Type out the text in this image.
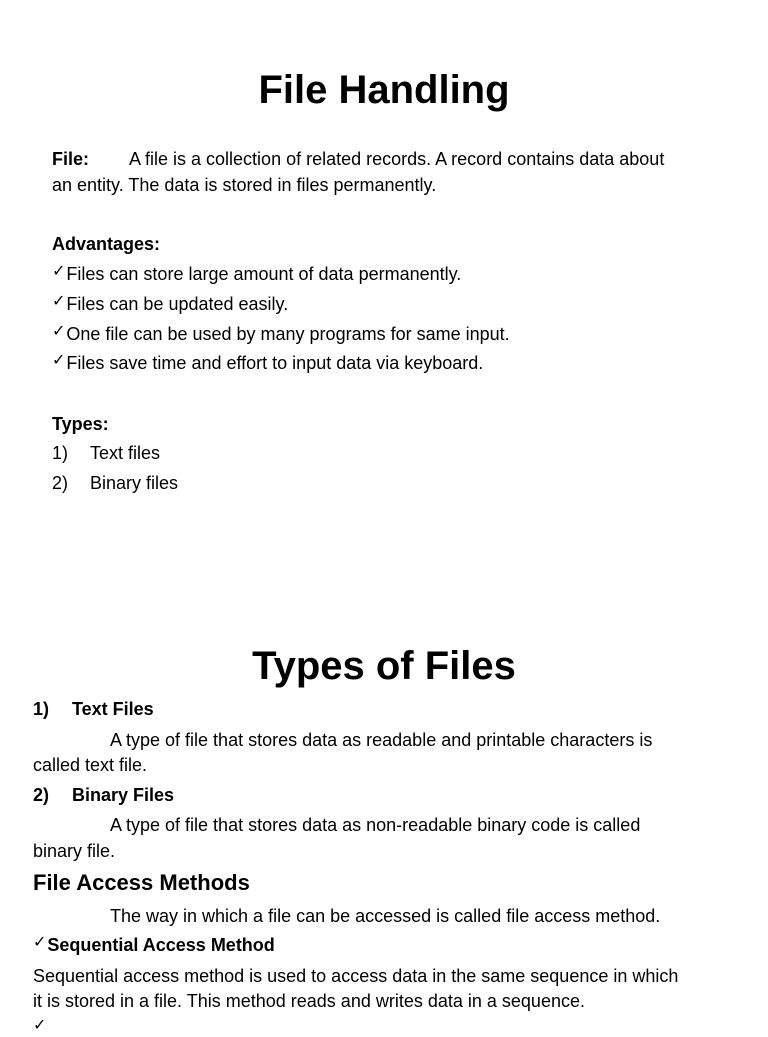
File Handling
File: A file is a collection of related records. A record contains data about
an entity. The data is stored in files permanently.
Advantages:
✓Files can store large amount of data permanently.
✓Files can be updated easily.
✓One file can be used by many programs for same input.
✓Files save time and effort to input data via keyboard.
Types:
1) Text files
2) Binary files
Types of Files
1) Text Files
A type of file that stores data as readable and printable characters is
called text file.
2) Binary Files
A type of file that stores data as non-readable binary code is called
binary file.
File Access Methods
The way in which a file can be accessed is called file access method.
✓Sequential Access Method
Sequential access method is used to access data in the same sequence in which
it is stored in a file. This method reads and writes data in a sequence.
✓
